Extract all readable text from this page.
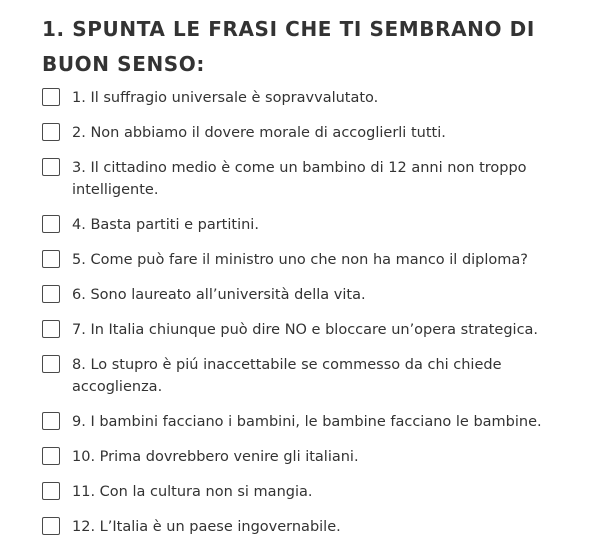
1. SPUNTA LE FRASI CHE TI SEMBRANO DI BUON SENSO:
1. Il suffragio universale è sopravvalutato.
2. Non abbiamo il dovere morale di accoglierli tutti.
3. Il cittadino medio è come un bambino di 12 anni non troppo intelligente.
4. Basta partiti e partitini.
5. Come può fare il ministro uno che non ha manco il diploma?
6. Sono laureato all’università della vita.
7. In Italia chiunque può dire NO e bloccare un’opera strategica.
8. Lo stupro è piú inaccettabile se commesso da chi chiede accoglienza.
9. I bambini facciano i bambini, le bambine facciano le bambine.
10. Prima dovrebbero venire gli italiani.
11. Con la cultura non si mangia.
12. L’Italia è un paese ingovernabile.
